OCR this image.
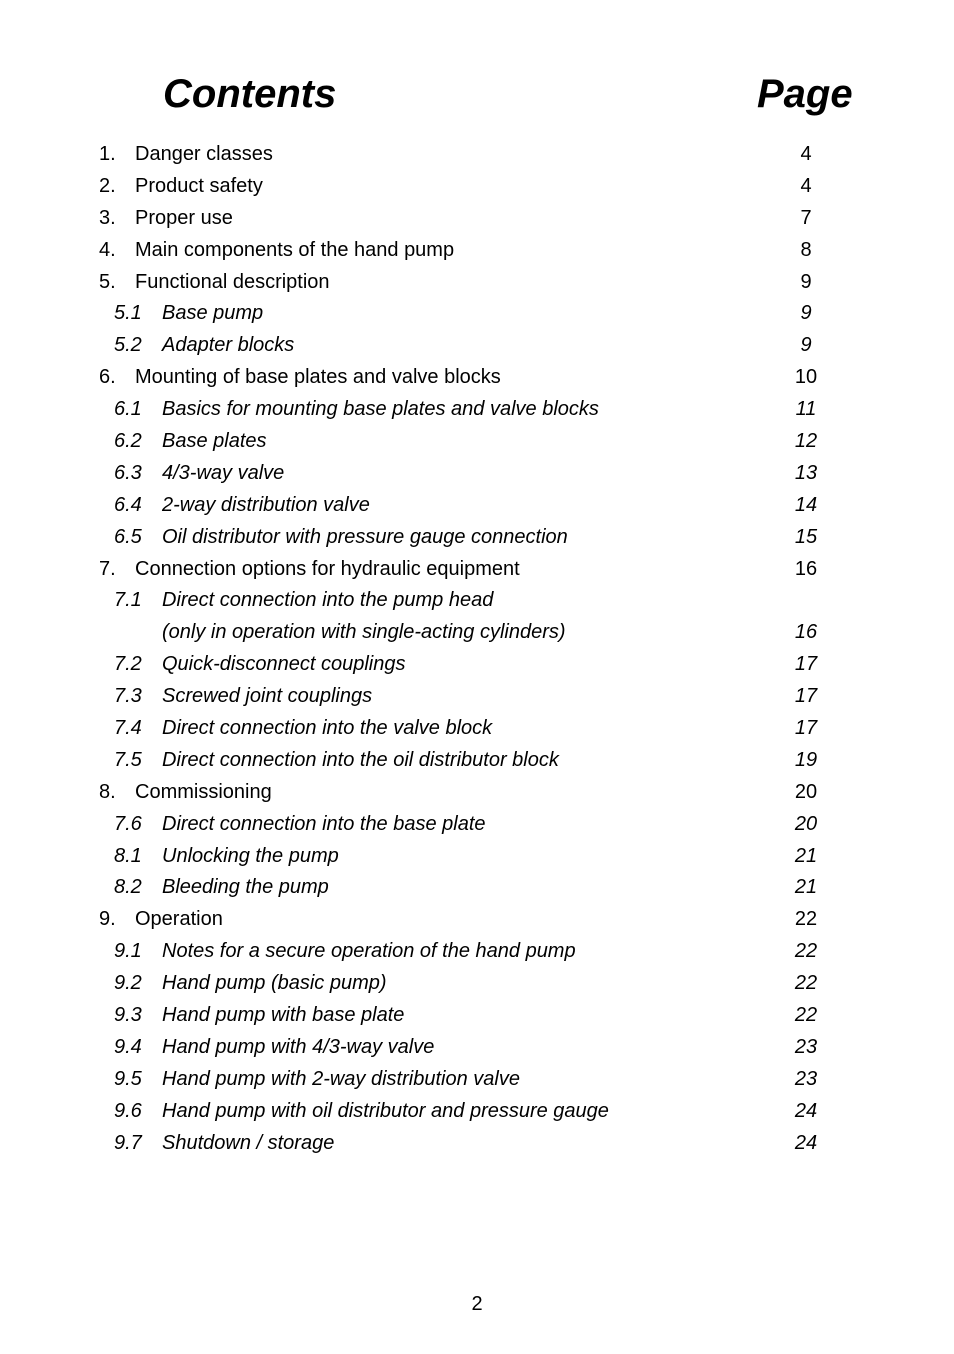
Contents	Page
1. Danger classes	4
2. Product safety	4
3. Proper use	7
4. Main components of the hand pump	8
5. Functional description	9
5.1 Base pump	9
5.2 Adapter blocks	9
6. Mounting of base plates and valve blocks	10
6.1 Basics for mounting base plates and valve blocks	11
6.2 Base plates	12
6.3 4/3-way valve	13
6.4 2-way distribution valve	14
6.5 Oil distributor with pressure gauge connection	15
7. Connection options for hydraulic equipment	16
7.1 Direct connection into the pump head
(only in operation with single-acting cylinders)	16
7.2 Quick-disconnect couplings	17
7.3 Screwed joint couplings	17
7.4 Direct connection into the valve block	17
7.5 Direct connection into the oil distributor block	19
8. Commissioning	20
7.6 Direct connection into the base plate	20
8.1 Unlocking the pump	21
8.2 Bleeding the pump	21
9. Operation	22
9.1 Notes for a secure operation of the hand pump	22
9.2 Hand pump (basic pump)	22
9.3 Hand pump with base plate	22
9.4 Hand pump with 4/3-way valve	23
9.5 Hand pump with 2-way distribution valve	23
9.6 Hand pump with oil distributor and pressure gauge	24
9.7 Shutdown / storage	24
2
